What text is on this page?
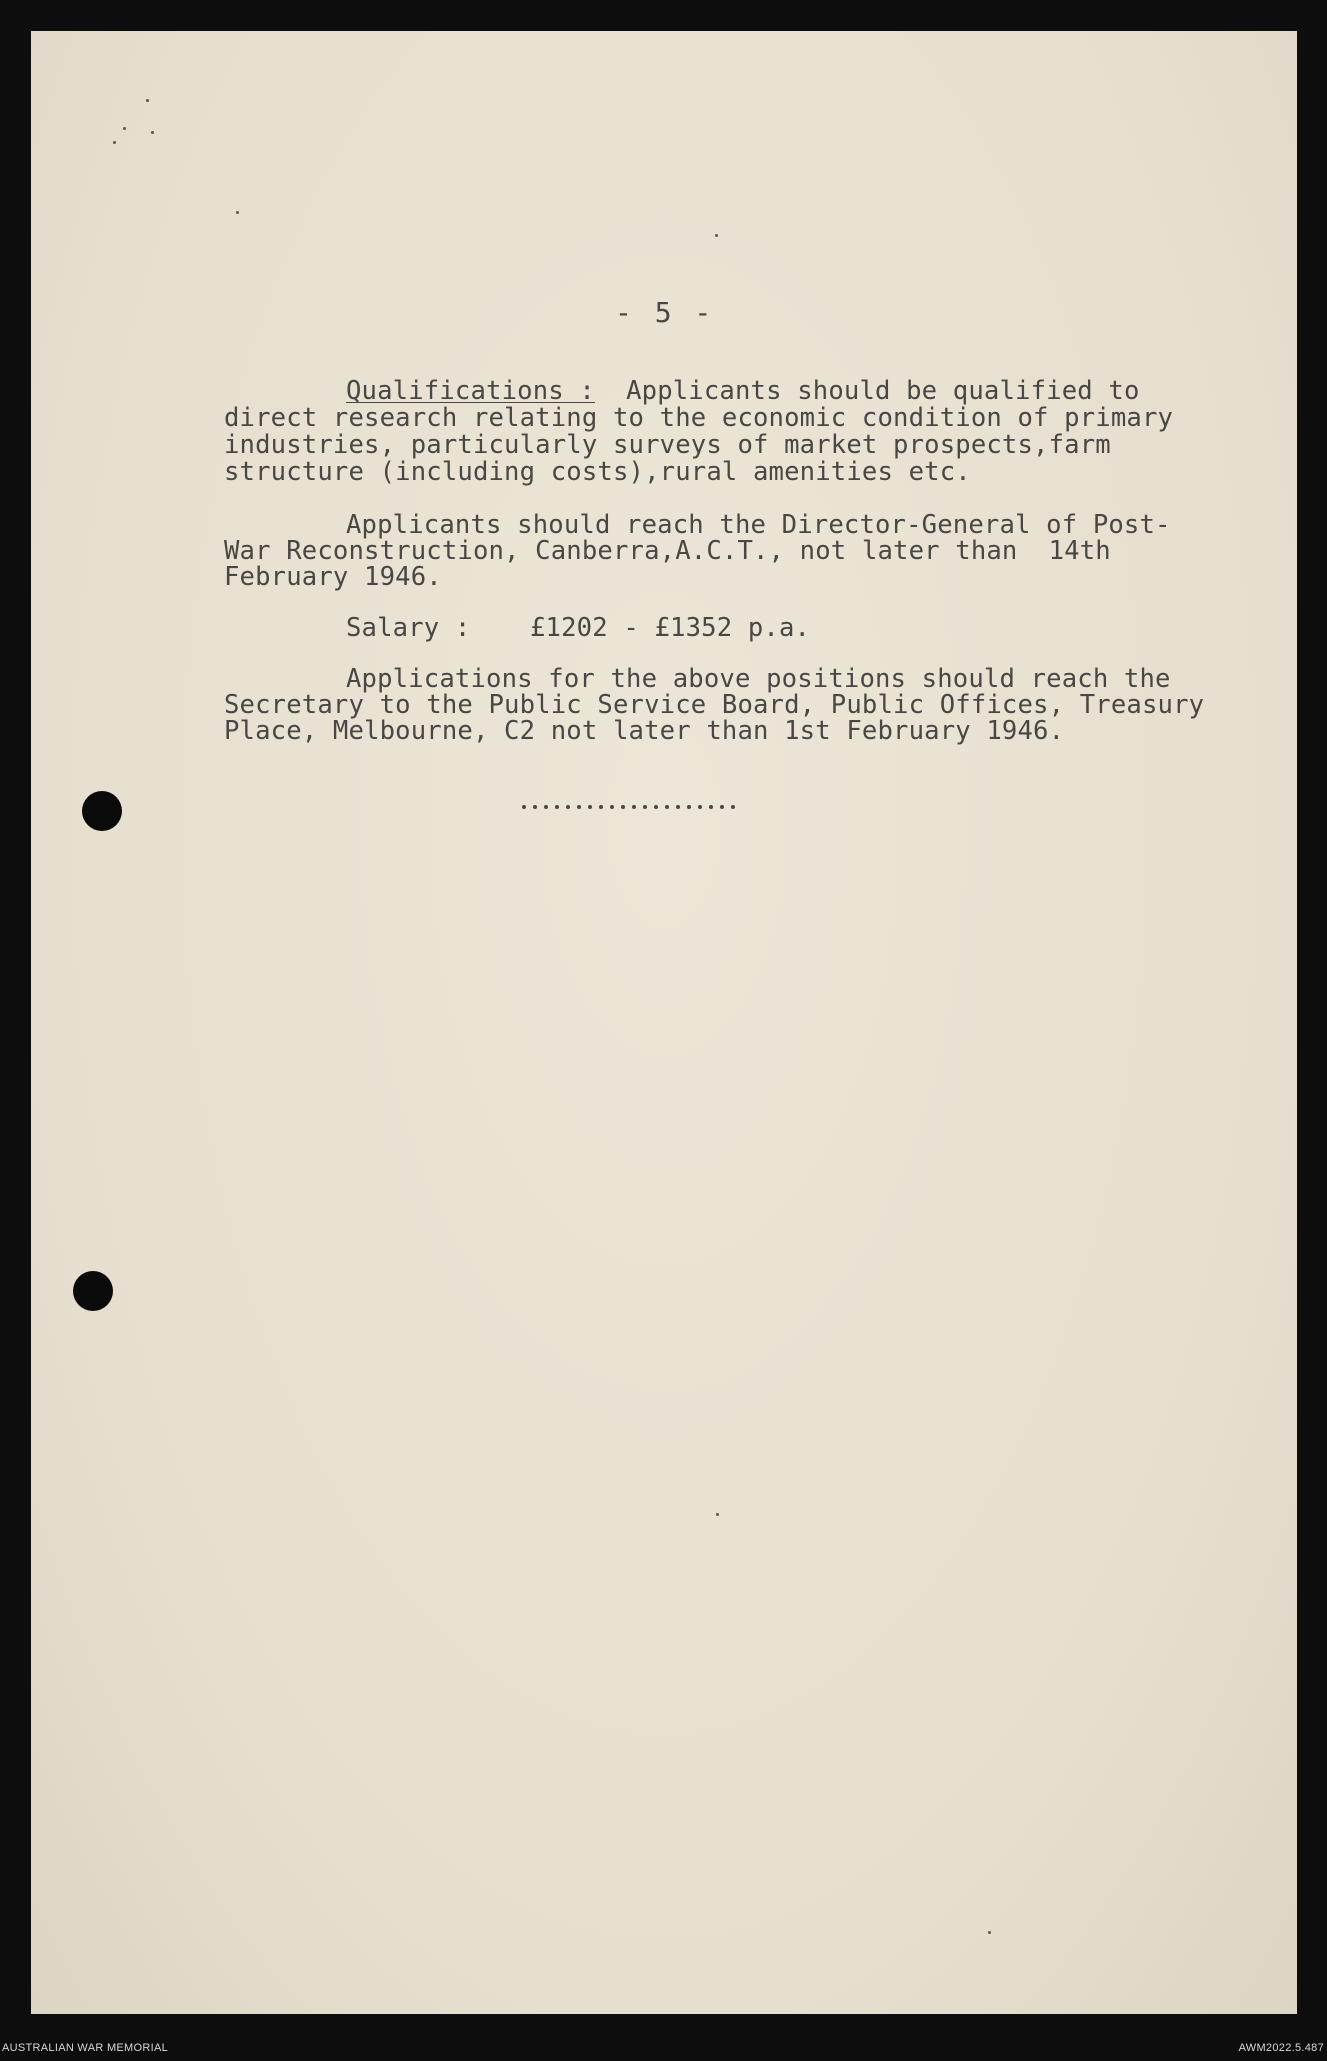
- 5 -
Qualifications :  Applicants should be qualified to
direct research relating to the economic condition of primary
industries, particularly surveys of market prospects,farm
structure (including costs),rural amenities etc.
Applicants should reach the Director-General of Post-
War Reconstruction, Canberra,A.C.T., not later than  14th
February 1946.
Salary : £1202 - £1352 p.a.
Applications for the above positions should reach the
Secretary to the Public Service Board, Public Offices, Treasury
Place, Melbourne, C2 not later than 1st February 1946.
AUSTRALIAN WAR MEMORIAL	AWM2022.5.487
